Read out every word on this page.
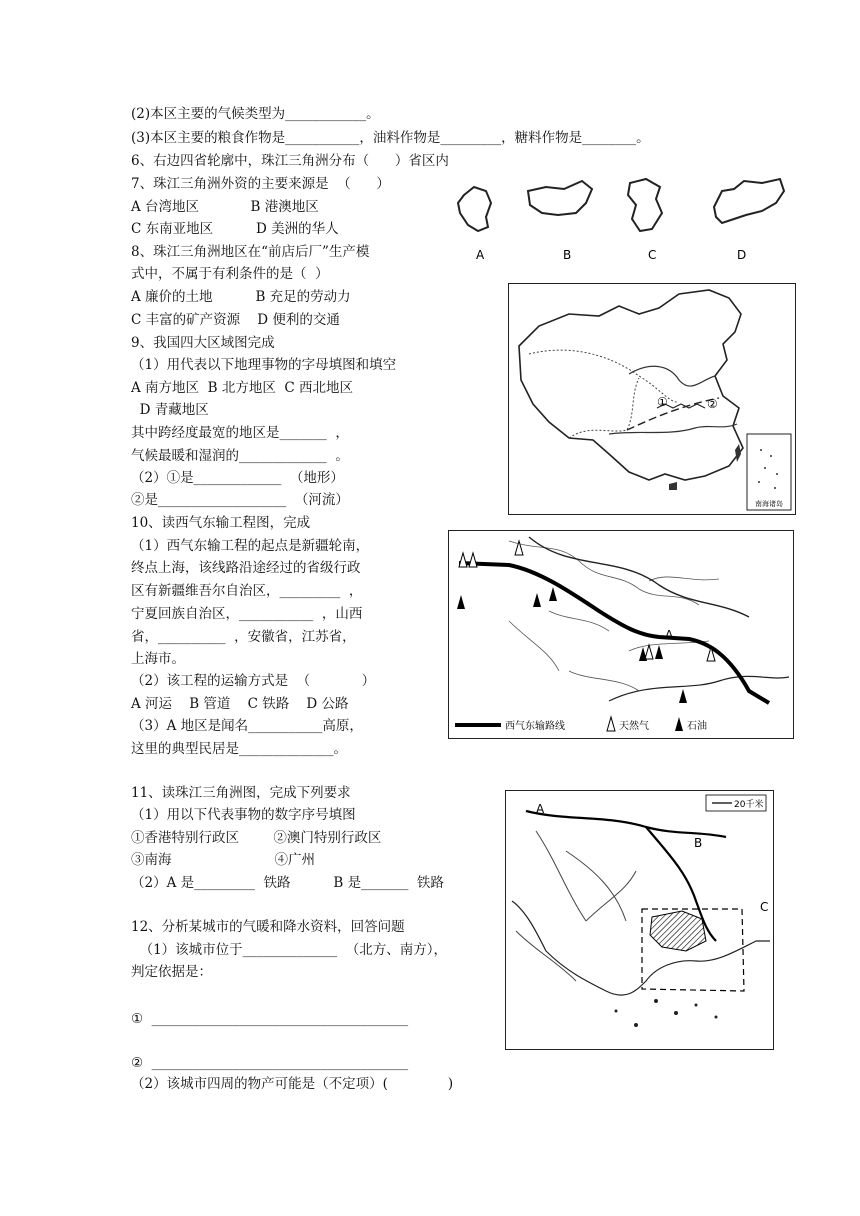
(2)本区主要的气候类型为____________。
(3)本区主要的粮食作物是___________，油料作物是_________，糖料作物是________。
6、右边四省轮廓中，珠江三角洲分布（      ）省区内
7、珠江三角洲外资的主要来源是  （      ）
A 台湾地区            B 港澳地区
C 东南亚地区          D 美洲的华人
8、珠江三角洲地区在“前店后厂”生产模
式中，不属于有利条件的是（  ）
A 廉价的土地          B 充足的劳动力
C 丰富的矿产资源    D 便利的交通
9、我国四大区域图完成
（1）用代表以下地理事物的字母填图和填空
A 南方地区  B 北方地区  C 西北地区
D 青藏地区
其中跨经度最宽的地区是_______  ，
气候最暖和湿润的_____________  。
（2）①是_____________  （地形）
②是___________________  （河流）
10、读西气东输工程图，完成
（1）西气东输工程的起点是新疆轮南，
终点上海，该线路沿途经过的省级行政
区有新疆维吾尔自治区，_________  ，
宁夏回族自治区，___________  ，山西
省，__________  ，安徽省，江苏省，
上海市。
（2）该工程的运输方式是  （            ）
A 河运    B 管道    C 铁路    D 公路
（3）A 地区是闻名___________高原，
这里的典型民居是______________。
11、读珠江三角洲图，完成下列要求
（1）用以下代表事物的数字序号填图
①香港特别行政区        ②澳门特别行政区
③南海                        ④广州
（2）A 是_________  铁路          B 是_______  铁路
12、分析某城市的气暖和降水资料，回答问题
（1）该城市位于______________  （北方、南方），
判定依据是：
①  ______________________________________
②  ______________________________________
（2）该城市四周的物产可能是（不定项）(              )
A	B	C	D
①	②
南海诸岛
A
西气东输路线	天然气	石油
A
B
C
20千米
